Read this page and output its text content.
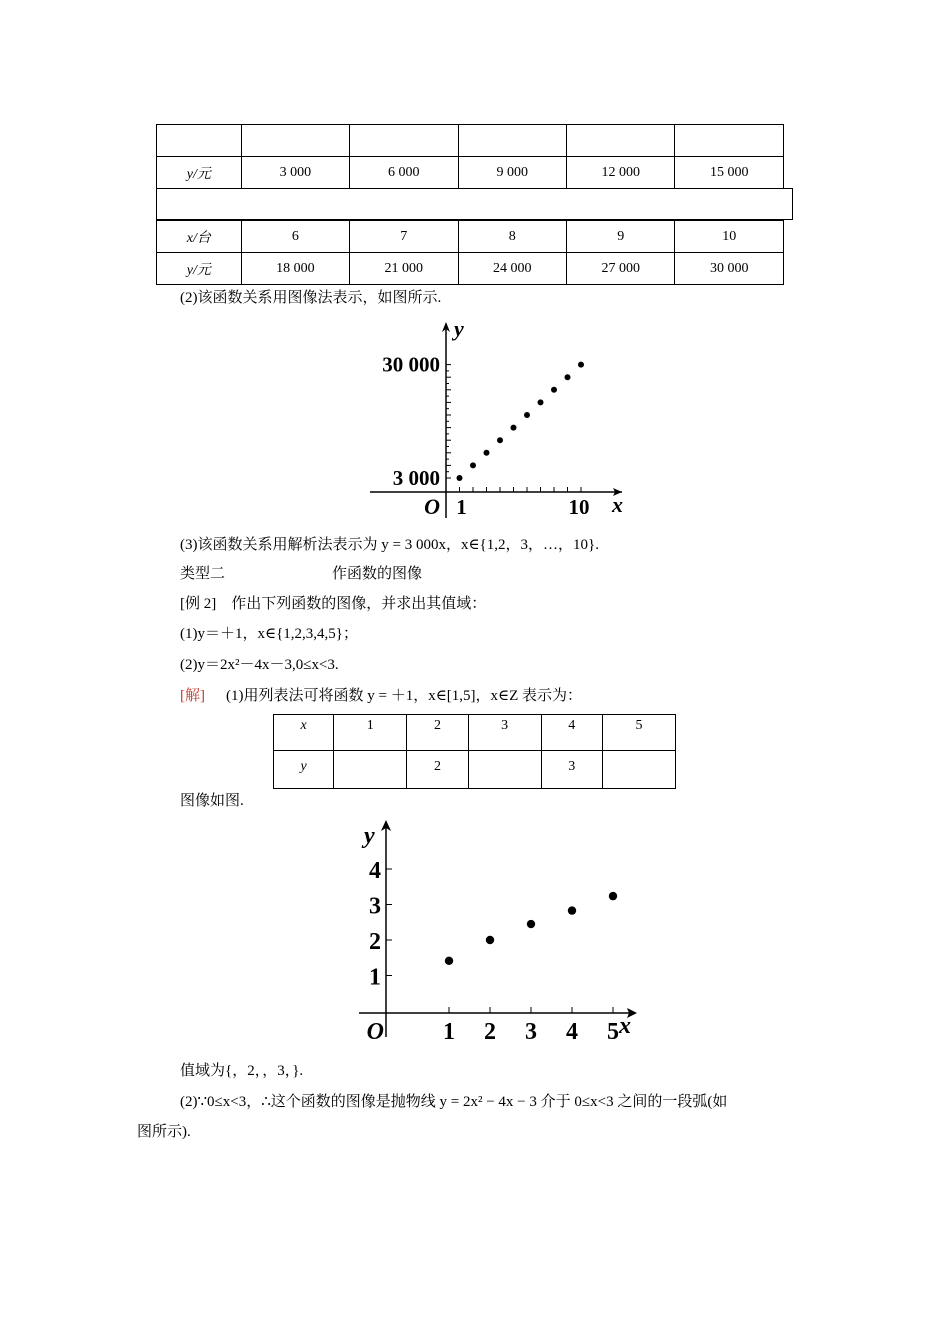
y/元	3 000	6 000	9 000	12 000	15 000
x/台	6	7	8	9	10
y/元	18 000	21 000	24 000	27 000	30 000
(2)该函数关系用图像法表示，如图所示.
30 000
3 000
1	10
O	x
y
(3)该函数关系用解析法表示为 y = 3 000x，x∈{1,2，3，…，10}.
类型二	作函数的图像
[例 2]　作出下列函数的图像，并求出其值域：
(1)y＝＋1，x∈{1,2,3,4,5}；
(2)y＝2x²－4x－3,0≤x<3.
[解] (1)用列表法可将函数 y = ＋1，x∈[1,5]，x∈Z 表示为：
x	1	2	3	4	5
y		2		3	
图像如图.
1
2
3
4
1 2 3 4 5
O	x
y
值域为{，2，，3，}.
(2)∵0≤x<3，∴这个函数的图像是抛物线 y = 2x² − 4x − 3 介于 0≤x<3 之间的一段弧(如
图所示).
